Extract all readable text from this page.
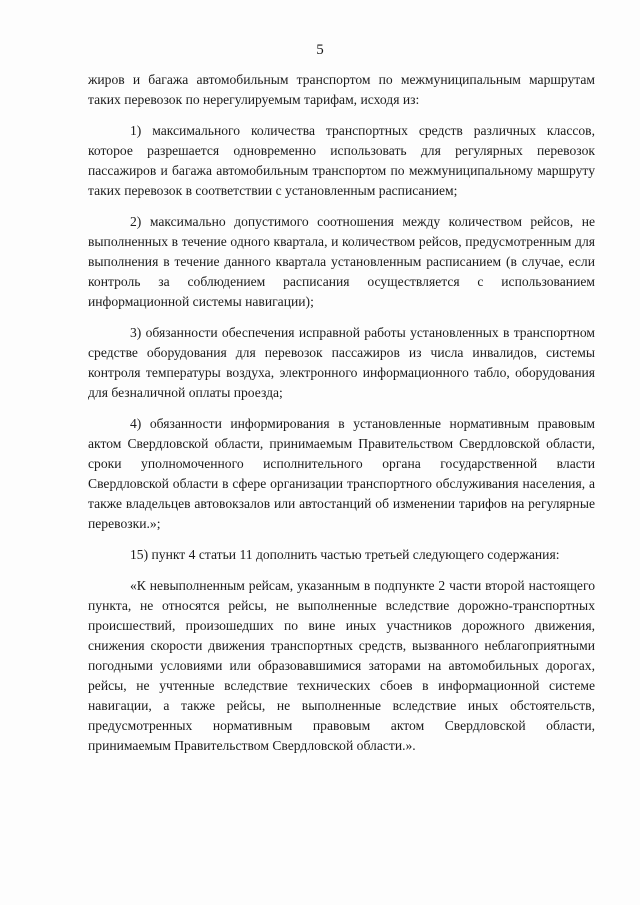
5

жиров и багажа автомобильным транспортом по межмуниципальным маршрутам таких перевозок по нерегулируемым тарифам, исходя из:

1) максимального количества транспортных средств различных классов, которое разрешается одновременно использовать для регулярных перевозок пассажиров и багажа автомобильным транспортом по межмуниципальному маршруту таких перевозок в соответствии с установленным расписанием;

2) максимально допустимого соотношения между количеством рейсов, не выполненных в течение одного квартала, и количеством рейсов, предусмотренным для выполнения в течение данного квартала установленным расписанием (в случае, если контроль за соблюдением расписания осуществляется с использованием информационной системы навигации);

3) обязанности обеспечения исправной работы установленных в транспортном средстве оборудования для перевозок пассажиров из числа инвалидов, системы контроля температуры воздуха, электронного информационного табло, оборудования для безналичной оплаты проезда;

4) обязанности информирования в установленные нормативным правовым актом Свердловской области, принимаемым Правительством Свердловской области, сроки уполномоченного исполнительного органа государственной власти Свердловской области в сфере организации транспортного обслуживания населения, а также владельцев автовокзалов или автостанций об изменении тарифов на регулярные перевозки.»;

15) пункт 4 статьи 11 дополнить частью третьей следующего содержания:

«К невыполненным рейсам, указанным в подпункте 2 части второй настоящего пункта, не относятся рейсы, не выполненные вследствие дорожно-транспортных происшествий, произошедших по вине иных участников дорожного движения, снижения скорости движения транспортных средств, вызванного неблагоприятными погодными условиями или образовавшимися заторами на автомобильных дорогах, рейсы, не учтенные вследствие технических сбоев в информационной системе навигации, а также рейсы, не выполненные вследствие иных обстоятельств, предусмотренных нормативным правовым актом Свердловской области, принимаемым Правительством Свердловской области.».
